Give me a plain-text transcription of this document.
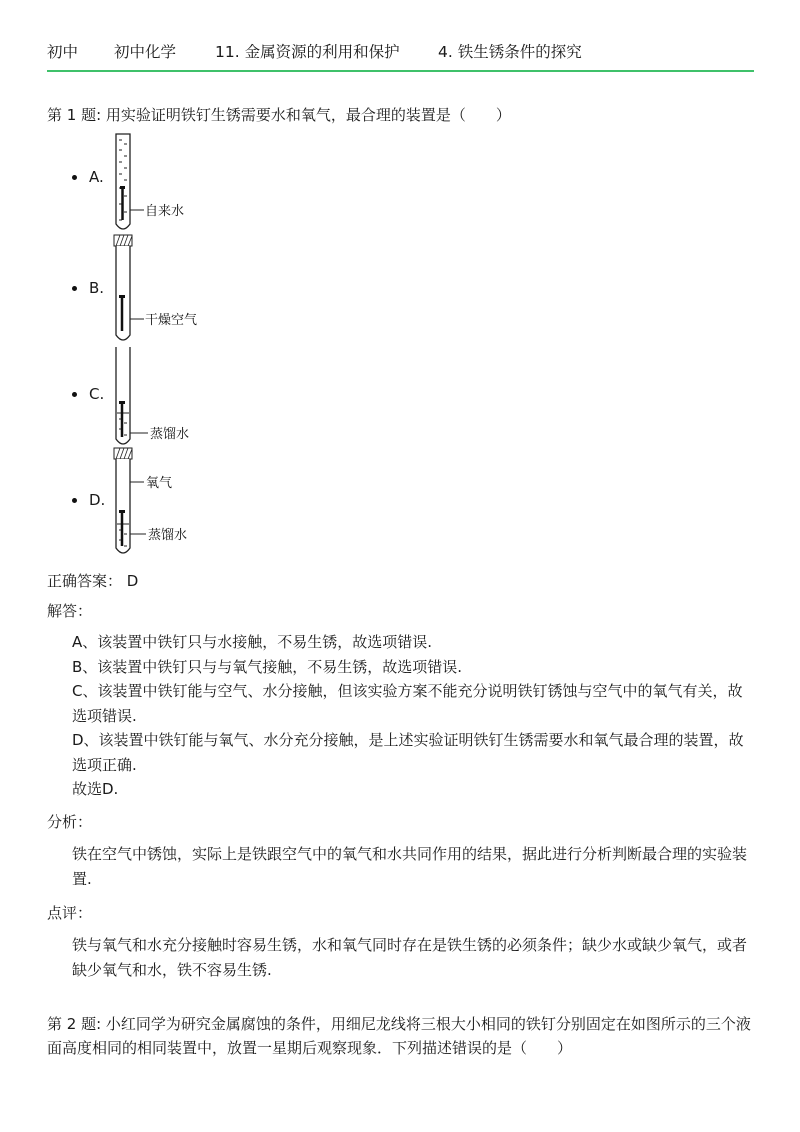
初中 初中化学	11. 金属资源的利用和保护 4. 铁生锈条件的探究
第 1 题: 用实验证明铁钉生锈需要水和氧气，最合理的装置是（　　）
A.
自来水
B.
干燥空气
C.
蒸馏水
D.
氧气
蒸馏水
正确答案： D
解答：

A、该装置中铁钉只与水接触，不易生锈，故选项错误.

B、该装置中铁钉只与与氧气接触，不易生锈，故选项错误.

C、该装置中铁钉能与空气、水分接触，但该实验方案不能充分说明铁钉锈蚀与空气中的氧气有关，故选项错误.

D、该装置中铁钉能与氧气、水分充分接触，是上述实验证明铁钉生锈需要水和氧气最合理的装置，故选项正确.

故选D.

分析：
铁在空气中锈蚀，实际上是铁跟空气中的氧气和水共同作用的结果，据此进行分析判断最合理的实验装置.
点评：
铁与氧气和水充分接触时容易生锈，水和氧气同时存在是铁生锈的必须条件；缺少水或缺少氧气，或者缺少氧气和水，铁不容易生锈.
第 2 题: 小红同学为研究金属腐蚀的条件，用细尼龙线将三根大小相同的铁钉分别固定在如图所示的三个液面高度相同的相同装置中，放置一星期后观察现象．下列描述错误的是（　　）
